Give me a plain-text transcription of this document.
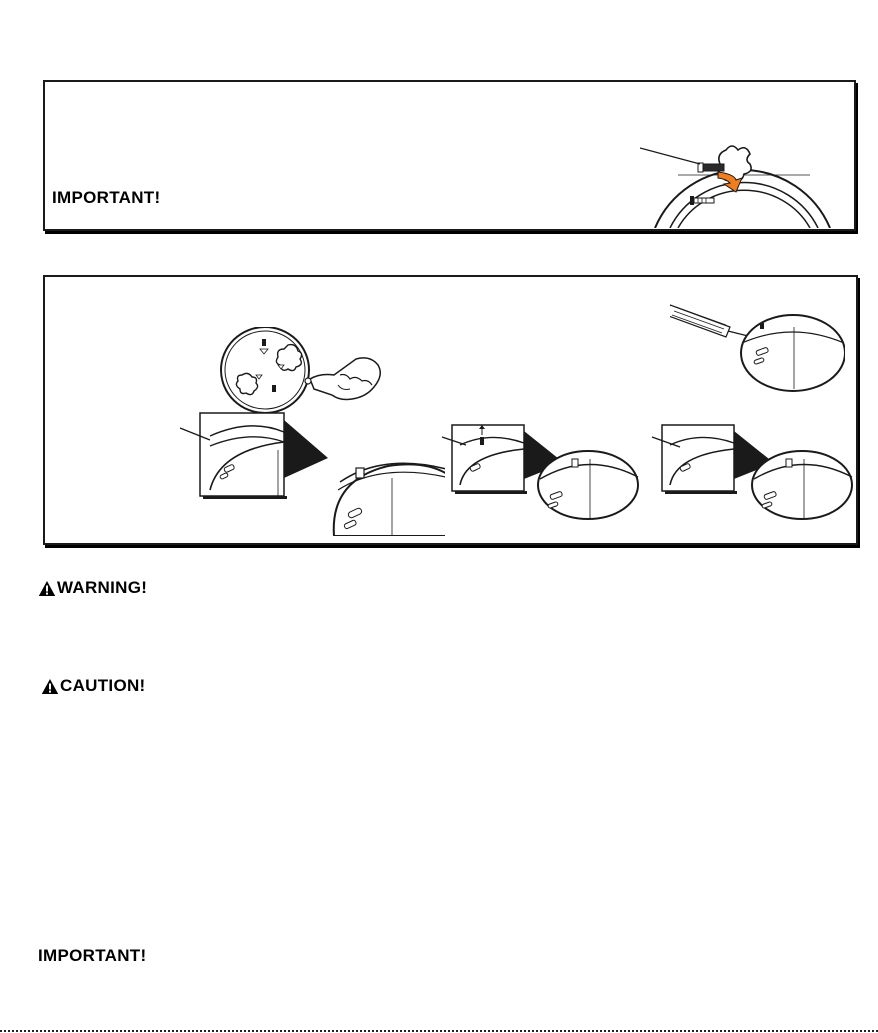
IMPORTANT!

WARNING!
CAUTION!

IMPORTANT!
